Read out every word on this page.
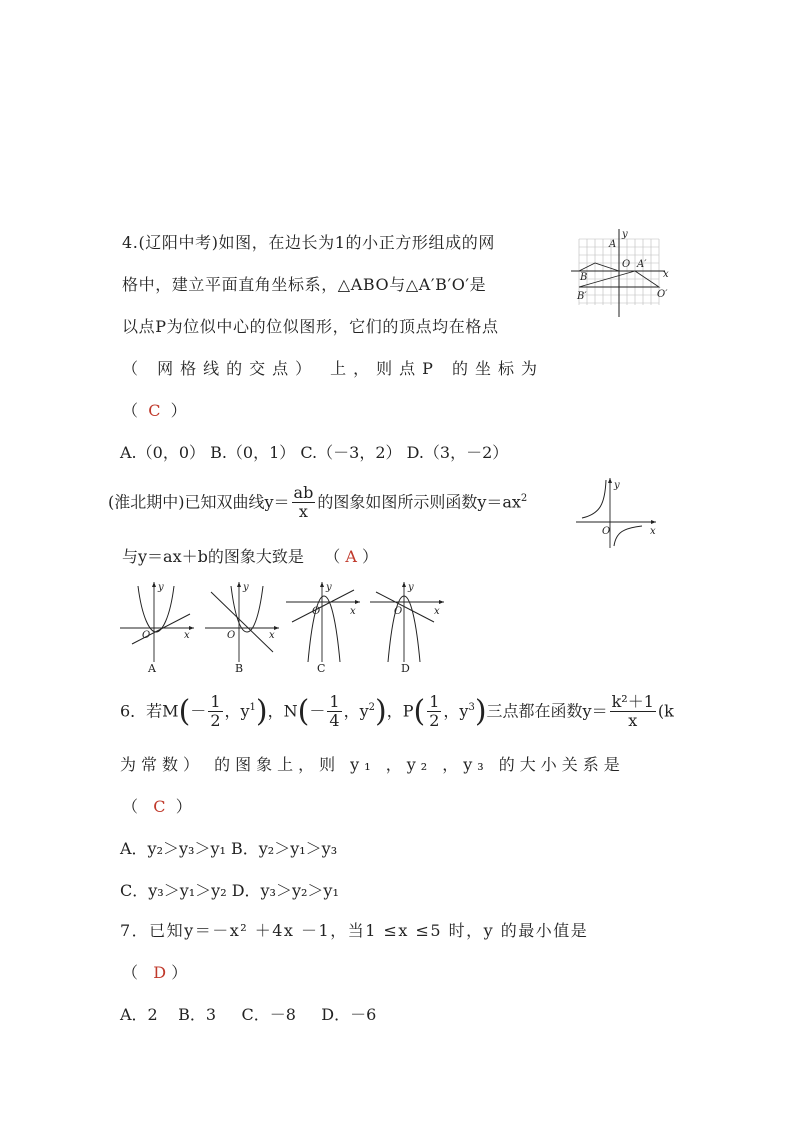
4.(辽阳中考)如图，在边长为1的小正方形组成的网
格中，建立平面直角坐标系，△ABO与△A′B′O′是
以点P为位似中心的位似图形，它们的顶点均在格点
（ 网格线的交点） 上，则点P 的坐标为
（ C ）
A.（0，0） B.（0，1） C.（－3，2） D.（3，－2）
A
y
O A′
x
B
B′	O′
(淮北期中)已知双曲线$y= \frac{ab}{x}$ 的图象如图所示则函数$y=ax^2$
与y＝ax＋b的图象大致是 （ A ）
y
O	x
y
O	x
A
y
O	x
B
y
O	x
C
y
O	x
D
6．若$M(- \frac{1}{2}$ ，$y^1$)，$N(- \frac{1}{4}$ ，$y^2$)，$P( \frac{1}{2}$ ，$y^3$)三点都在函数$y= \frac{\text{k²＋1}}{x} (k$
为常数） 的图象上，则 y₁ ，y₂ ，y₃ 的大小关系是
（ C ）
A．y₂＞y₃＞y₁ B．y₂＞y₁＞y₃
C．y₃＞y₁＞y₂ D．y₃＞y₂＞y₁
7．已知y＝－x² ＋4x －1，当1 ≤x ≤5 时，y 的最小值是
（ D ）
A．2    B．3     C．－8     D．－6
